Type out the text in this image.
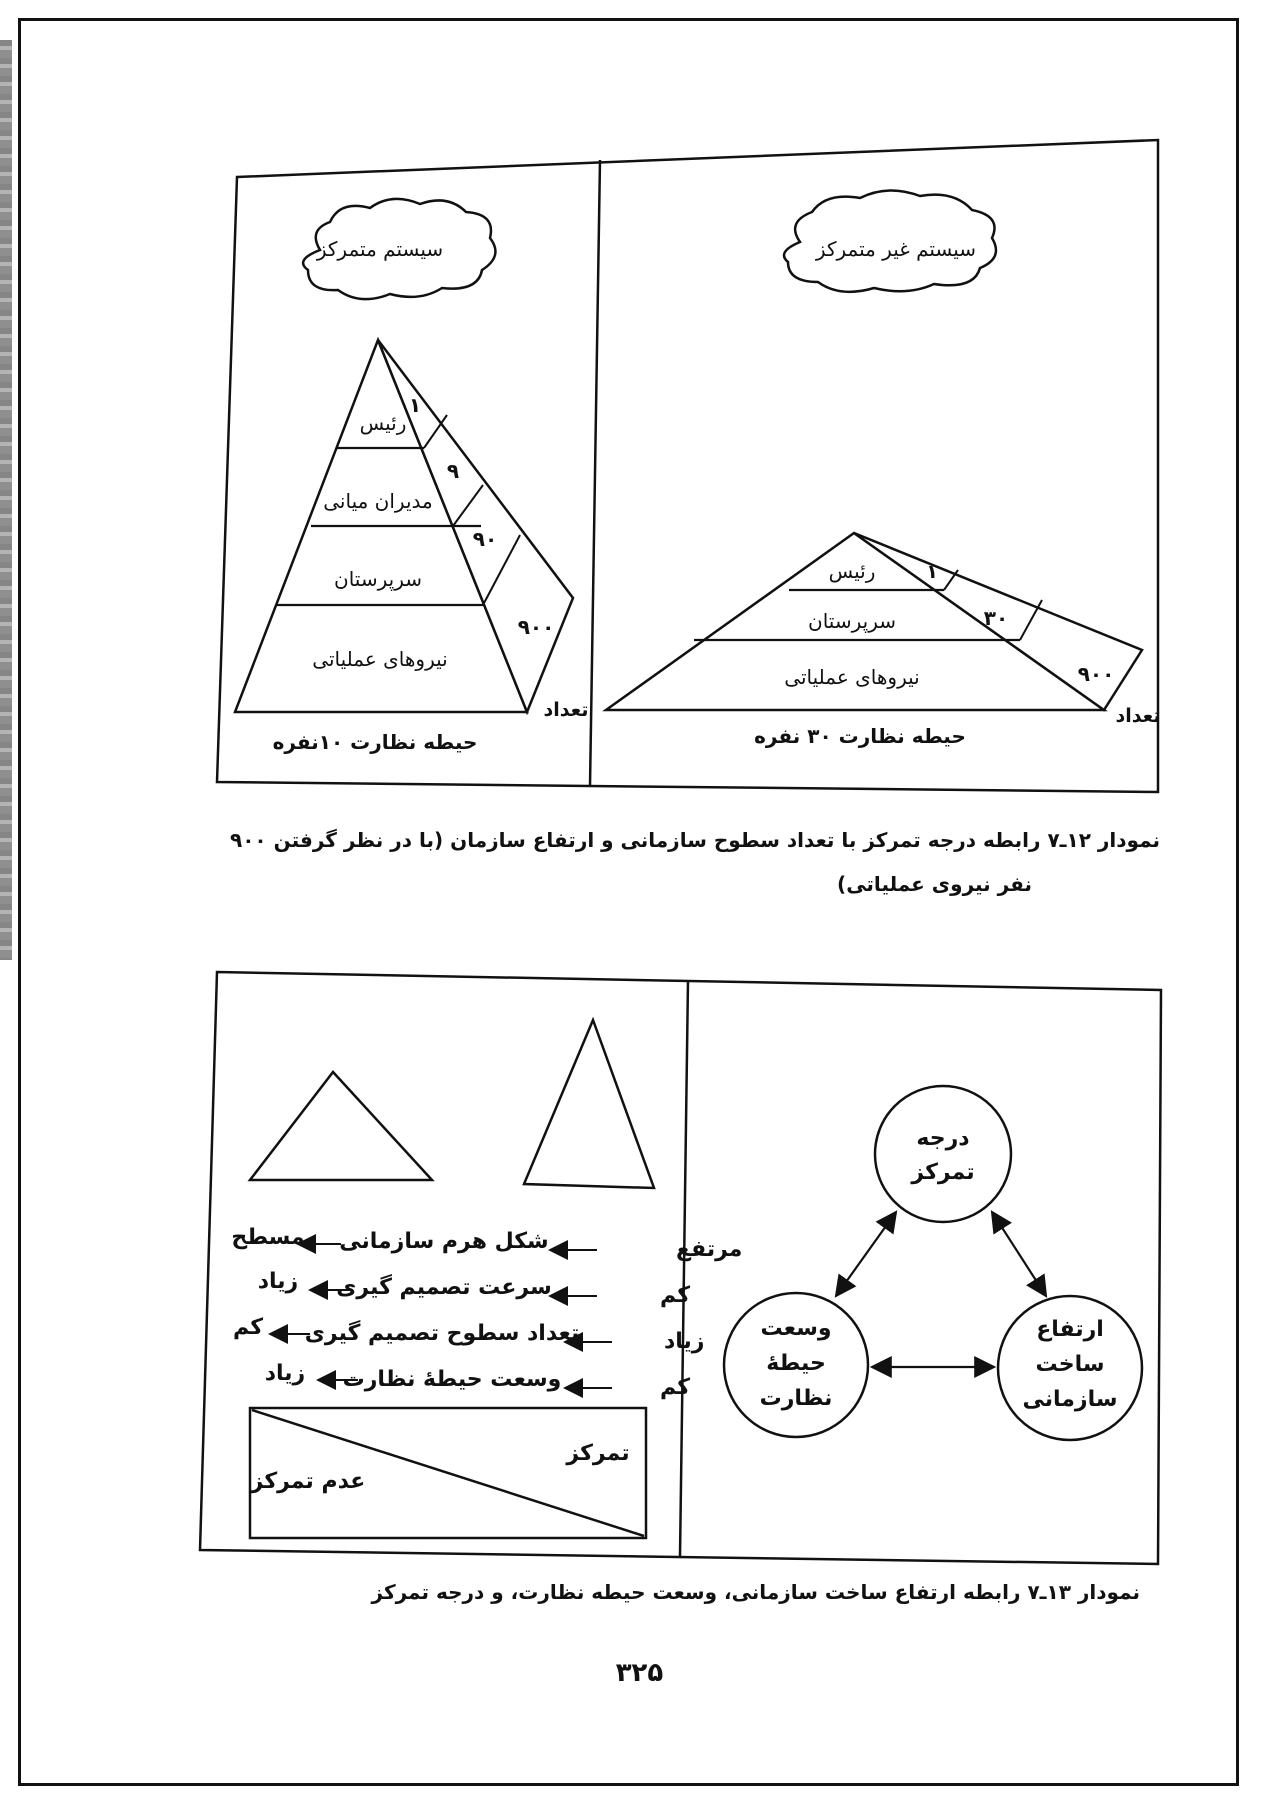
سیستم متمرکز
رئیس
مدیران میانی
سرپرستان
نیروهای عملیاتی
۱
۹
۹۰
۹۰۰
تعداد
حیطه نظارت ۱۰نفره
سیستم غیر متمرکز
رئیس
سرپرستان
نیروهای عملیاتی
۱
۳۰
۹۰۰
تعداد
حیطه نظارت ۳۰ نفره
نمودار ۱۲ـ۷ رابطه درجه تمرکز با تعداد سطوح سازمانی و ارتفاع سازمان (با در نظر گرفتن ۹۰۰
نفر نیروی عملیاتی)
مرتفع
شکل هرم سازمانی
مسطح
کم
سرعت تصمیم گیری
زیاد
زیاد
تعداد سطوح تصمیم گیری
کم
کم
وسعت حیطهٔ نظارت
زیاد
تمرکز
عدم تمرکز
درجه
تمرکز
وسعت
حیطهٔ
نظارت
ارتفاع
ساخت
سازمانی
نمودار ۱۳ـ۷ رابطه ارتفاع ساخت سازمانی، وسعت حیطه نظارت، و درجه تمرکز
۳۲۵
